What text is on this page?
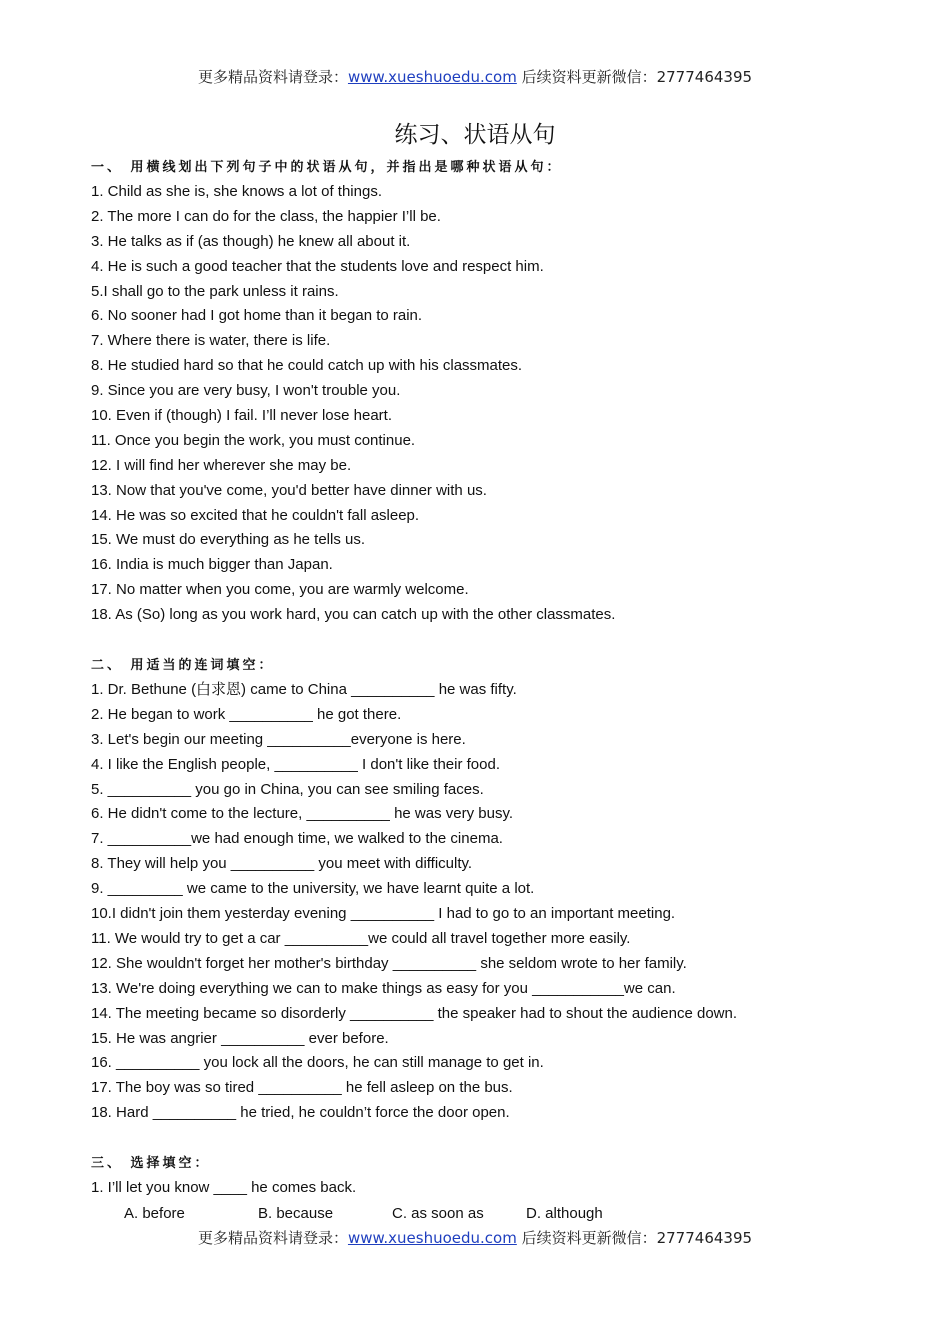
更多精品资料请登录：www.xueshuoedu.com 后续资料更新微信：2777464395
练习、状语从句
一、 用横线划出下列句子中的状语从句，并指出是哪种状语从句：
1. Child as she is, she knows a lot of things.
2. The more I can do for the class, the happier I’ll be.
3. He talks as if (as though) he knew all about it.
4. He is such a good teacher that the students love and respect him.
5.I shall go to the park unless it rains.
6. No sooner had I got home than it began to rain.
7. Where there is water, there is life.
8. He studied hard so that he could catch up with his classmates.
9. Since you are very busy, I won't trouble you.
10. Even if (though) I fail. I’ll never lose heart.
11. Once you begin the work, you must continue.
12. I will find her wherever she may be.
13. Now that you've come, you'd better have dinner with us.
14. He was so excited that he couldn't fall asleep.
15. We must do everything as he tells us.
16. India is much bigger than Japan.
17. No matter when you come, you are warmly welcome.
18. As (So) long as you work hard, you can catch up with the other classmates.
二、 用适当的连词填空：
1. Dr. Bethune (白求恩) came to China __________ he was fifty.
2. He began to work __________ he got there.
3. Let's begin our meeting __________everyone is here.
4. I like the English people, __________ I don't like their food.
5. __________ you go in China, you can see smiling faces.
6. He didn't come to the lecture, __________ he was very busy.
7. __________we had enough time, we walked to the cinema.
8. They will help you __________ you meet with difficulty.
9. _________ we came to the university, we have learnt quite a lot.
10.I didn't join them yesterday evening __________ I had to go to an important meeting.
11. We would try to get a car __________we could all travel together more easily.
12. She wouldn't forget her mother's birthday __________ she seldom wrote to her family.
13. We're doing everything we can to make things as easy for you ___________we can.
14. The meeting became so disorderly __________ the speaker had to shout the audience down.
15. He was angrier __________ ever before.
16. __________ you lock all the doors, he can still manage to get in.
17. The boy was so tired __________ he fell asleep on the bus.
18. Hard __________ he tried, he couldn’t force the door open.
三、 选择填空：
1. I’ll let you know ____ he comes back.
A. before	B. because	C. as soon as	D. although
更多精品资料请登录：www.xueshuoedu.com 后续资料更新微信：2777464395
